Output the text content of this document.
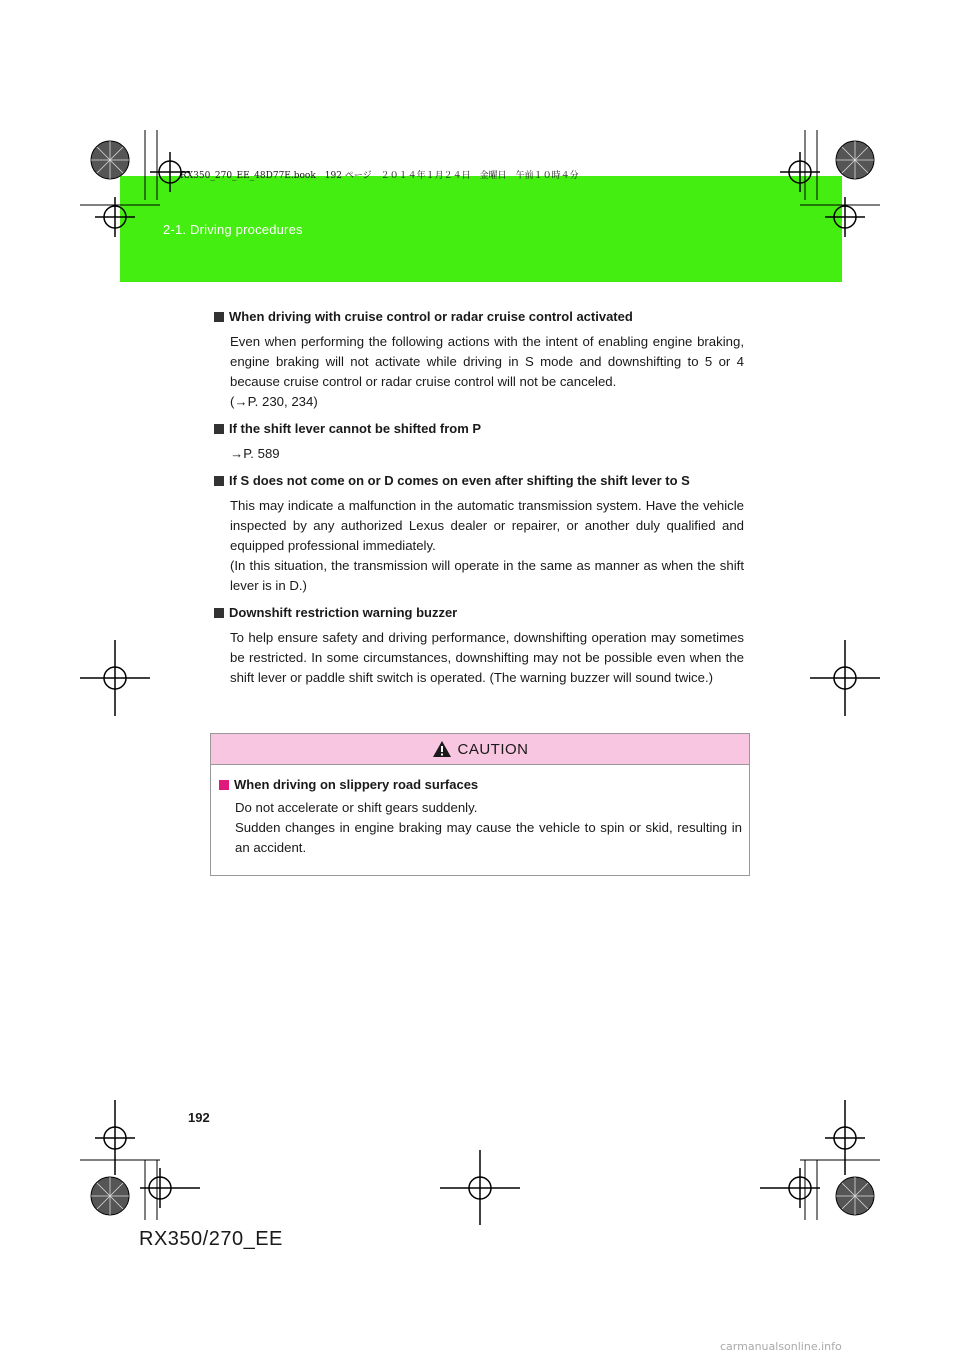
2-1. Driving procedures
RX350_270_EE_48D77E.book　192 ページ　２０１４年１月２４日　金曜日　午前１０時４分
When driving with cruise control or radar cruise control activated

Even when performing the following actions with the intent of enabling engine braking, engine braking will not activate while driving in S mode and downshifting to 5 or 4 because cruise control or radar cruise control will not be canceled.

(→P. 230, 234)

If the shift lever cannot be shifted from P

→P. 589

If S does not come on or D comes on even after shifting the shift lever to S

This may indicate a malfunction in the automatic transmission system. Have the vehicle inspected by any authorized Lexus dealer or repairer, or another duly qualified and equipped professional immediately.

(In this situation, the transmission will operate in the same as manner as when the shift lever is in D.)

Downshift restriction warning buzzer

To help ensure safety and driving performance, downshifting operation may sometimes be restricted. In some circumstances, downshifting may not be possible even when the shift lever or paddle shift switch is operated. (The warning buzzer will sound twice.)

CAUTION
When driving on slippery road surfaces

Do not accelerate or shift gears suddenly.

Sudden changes in engine braking may cause the vehicle to spin or skid, resulting in an accident.

192
RX350/270_EE
carmanualsonline.info
